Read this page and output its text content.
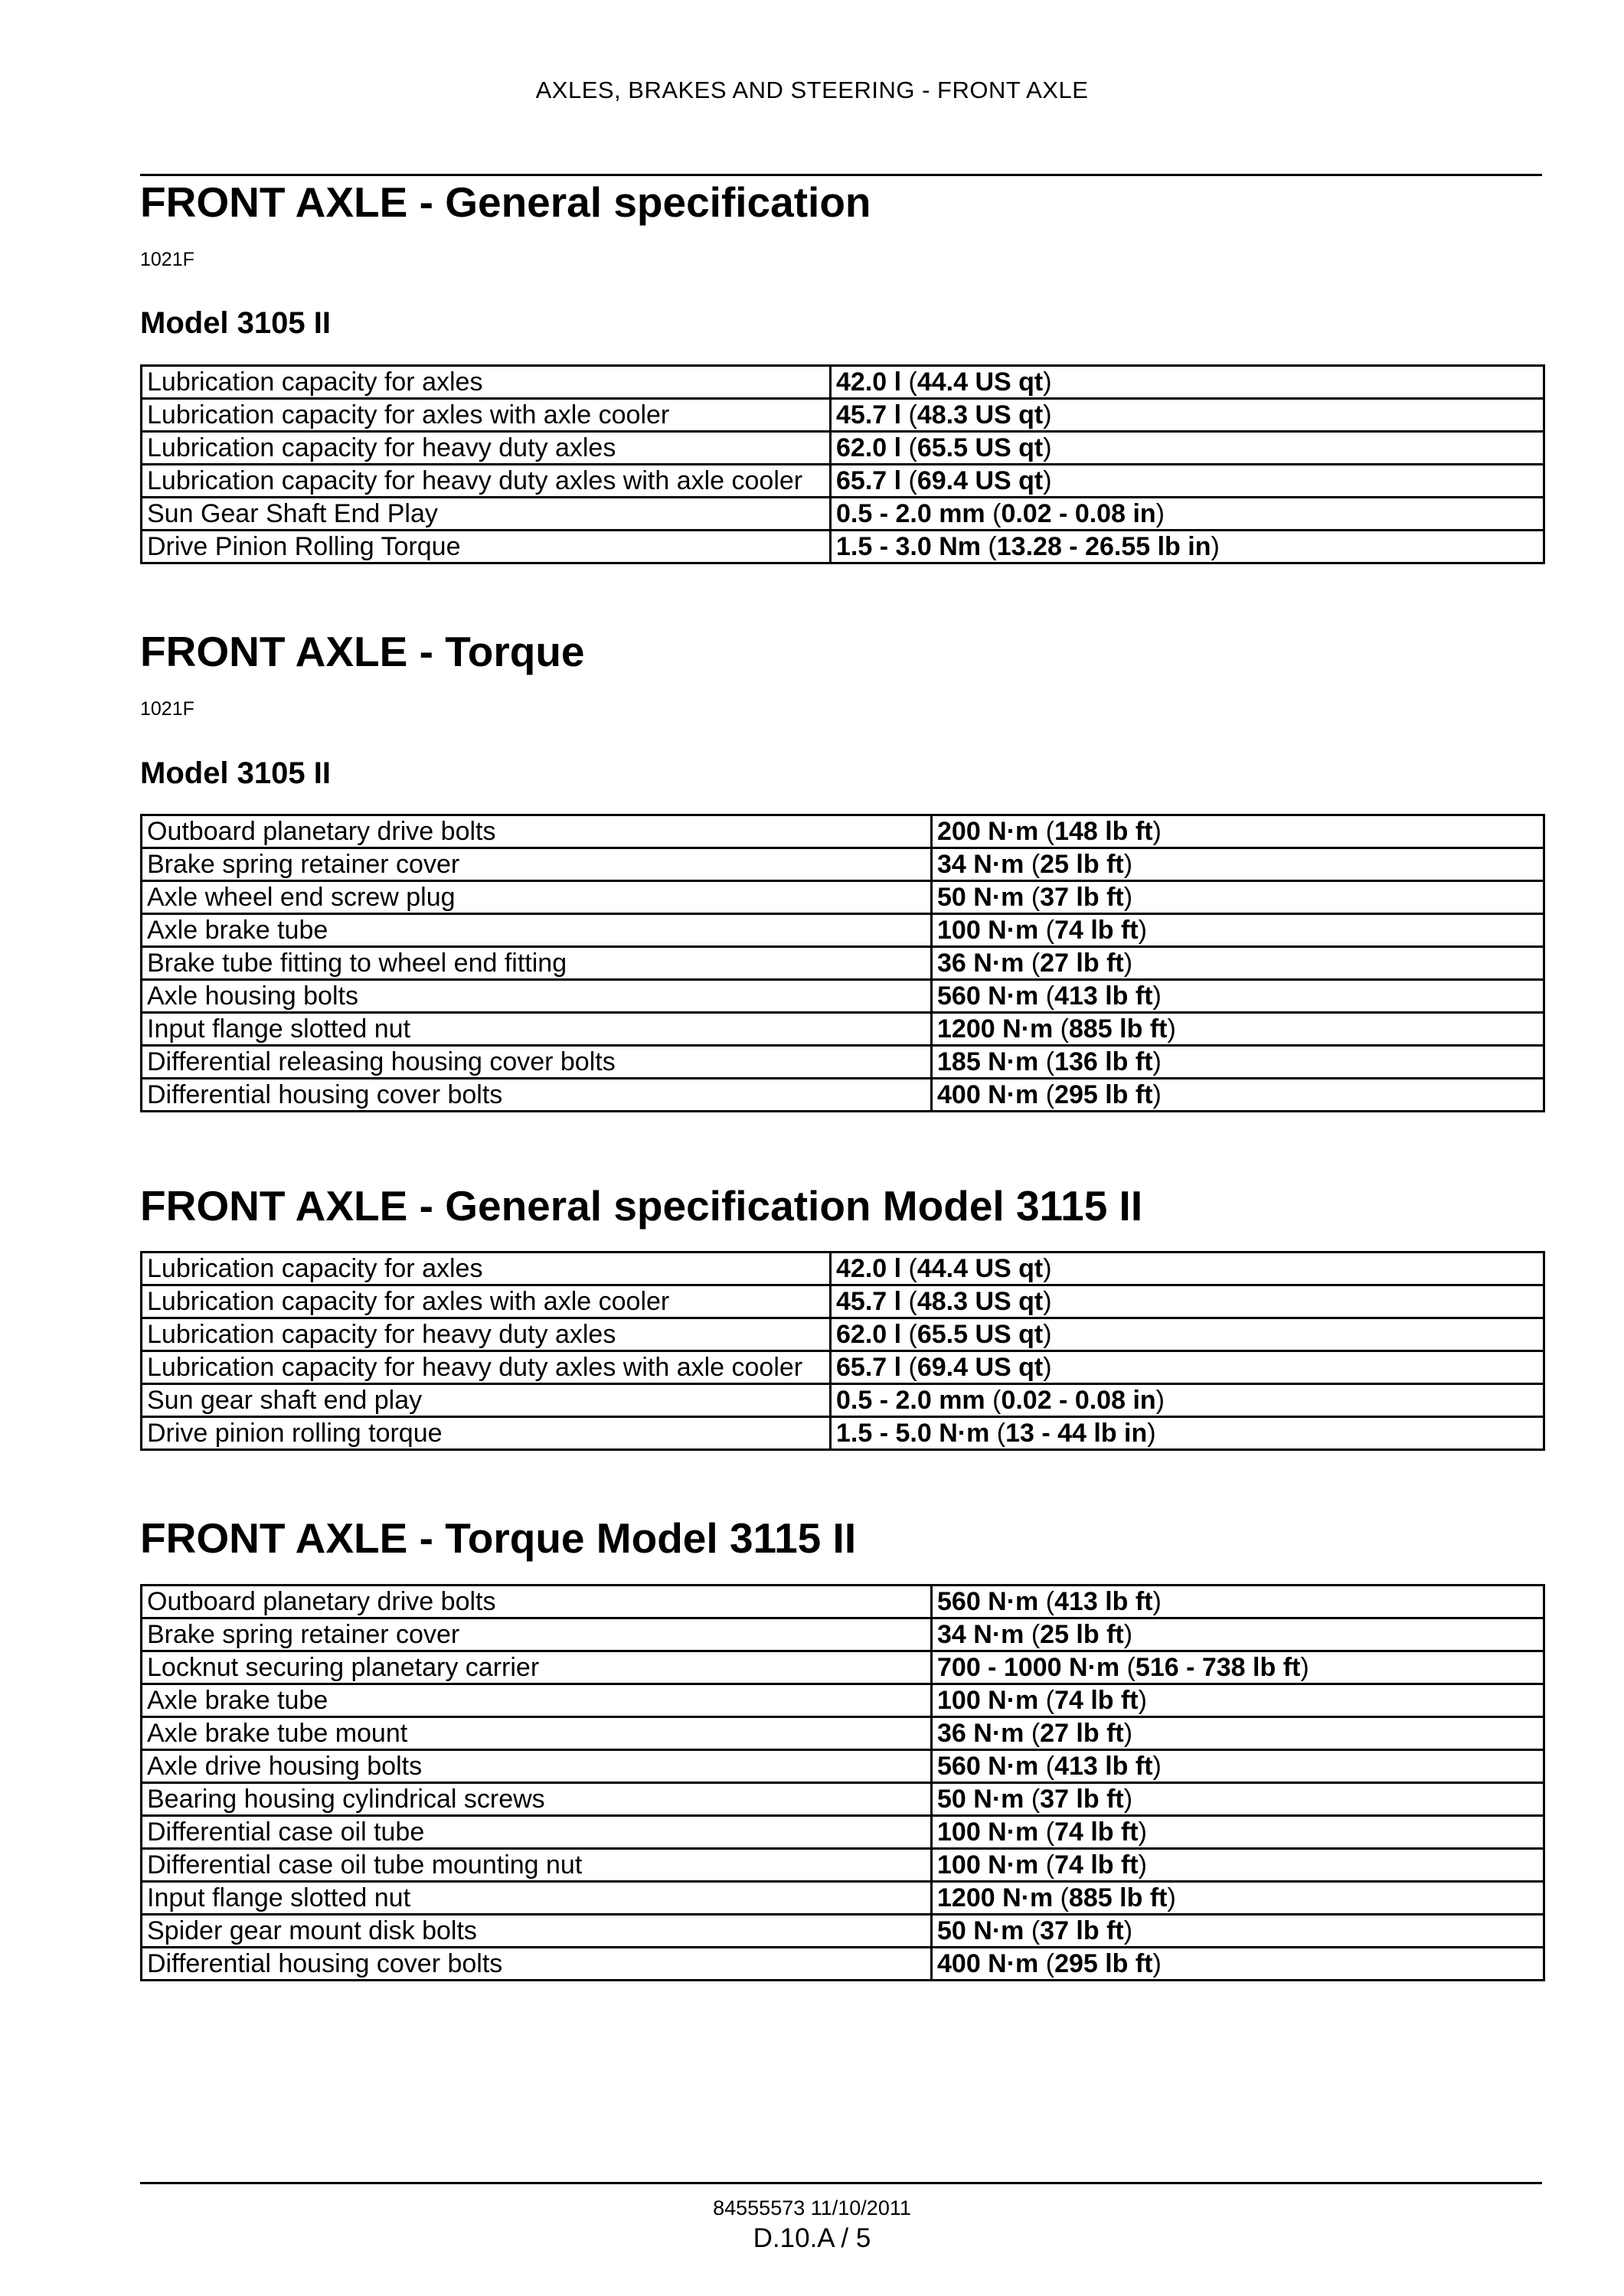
AXLES, BRAKES AND STEERING - FRONT AXLE
FRONT AXLE - General specification
1021F
Model 3105 II
Lubrication capacity for axles	42.0 l (44.4 US qt)
Lubrication capacity for axles with axle cooler	45.7 l (48.3 US qt)
Lubrication capacity for heavy duty axles	62.0 l (65.5 US qt)
Lubrication capacity for heavy duty axles with axle cooler	65.7 l (69.4 US qt)
Sun Gear Shaft End Play	0.5 - 2.0 mm (0.02 - 0.08 in)
Drive Pinion Rolling Torque	1.5 - 3.0 Nm (13.28 - 26.55 lb in)
FRONT AXLE - Torque
1021F
Model 3105 II
Outboard planetary drive bolts	200 N·m (148 lb ft)
Brake spring retainer cover	34 N·m (25 lb ft)
Axle wheel end screw plug	50 N·m (37 lb ft)
Axle brake tube	100 N·m (74 lb ft)
Brake tube fitting to wheel end fitting	36 N·m (27 lb ft)
Axle housing bolts	560 N·m (413 lb ft)
Input flange slotted nut	1200 N·m (885 lb ft)
Differential releasing housing cover bolts	185 N·m (136 lb ft)
Differential housing cover bolts	400 N·m (295 lb ft)
FRONT AXLE - General specification Model 3115 II
Lubrication capacity for axles	42.0 l (44.4 US qt)
Lubrication capacity for axles with axle cooler	45.7 l (48.3 US qt)
Lubrication capacity for heavy duty axles	62.0 l (65.5 US qt)
Lubrication capacity for heavy duty axles with axle cooler	65.7 l (69.4 US qt)
Sun gear shaft end play	0.5 - 2.0 mm (0.02 - 0.08 in)
Drive pinion rolling torque	1.5 - 5.0 N·m (13 - 44 lb in)
FRONT AXLE - Torque Model 3115 II
Outboard planetary drive bolts	560 N·m (413 lb ft)
Brake spring retainer cover	34 N·m (25 lb ft)
Locknut securing planetary carrier	700 - 1000 N·m (516 - 738 lb ft)
Axle brake tube	100 N·m (74 lb ft)
Axle brake tube mount	36 N·m (27 lb ft)
Axle drive housing bolts	560 N·m (413 lb ft)
Bearing housing cylindrical screws	50 N·m (37 lb ft)
Differential case oil tube	100 N·m (74 lb ft)
Differential case oil tube mounting nut	100 N·m (74 lb ft)
Input flange slotted nut	1200 N·m (885 lb ft)
Spider gear mount disk bolts	50 N·m (37 lb ft)
Differential housing cover bolts	400 N·m (295 lb ft)
84555573 11/10/2011
D.10.A / 5
